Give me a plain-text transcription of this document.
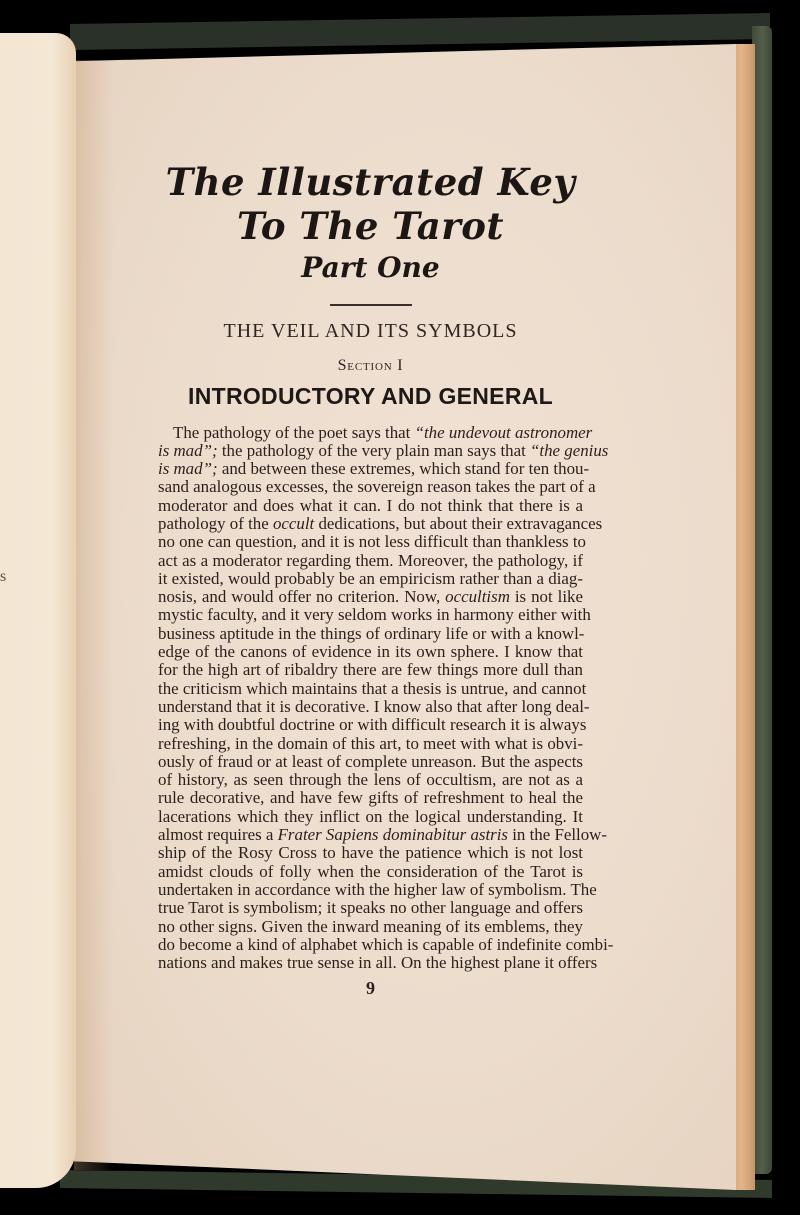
s
The Illustrated Key
To The Tarot
Part One
THE VEIL AND ITS SYMBOLS
Section I
INTRODUCTORY AND GENERAL
The pathology of the poet says that “the undevout astronomer
is mad”; the pathology of the very plain man says that “the genius
is mad”; and between these extremes, which stand for ten thou-
sand analogous excesses, the sovereign reason takes the part of a
moderator and does what it can. I do not think that there is a
pathology of the occult dedications, but about their extravagances
no one can question, and it is not less difficult than thankless to
act as a moderator regarding them. Moreover, the pathology, if
it existed, would probably be an empiricism rather than a diag-
nosis, and would offer no criterion. Now, occultism is not like
mystic faculty, and it very seldom works in harmony either with
business aptitude in the things of ordinary life or with a knowl-
edge of the canons of evidence in its own sphere. I know that
for the high art of ribaldry there are few things more dull than
the criticism which maintains that a thesis is untrue, and cannot
understand that it is decorative. I know also that after long deal-
ing with doubtful doctrine or with difficult research it is always
refreshing, in the domain of this art, to meet with what is obvi-
ously of fraud or at least of complete unreason. But the aspects
of history, as seen through the lens of occultism, are not as a
rule decorative, and have few gifts of refreshment to heal the
lacerations which they inflict on the logical understanding. It
almost requires a Frater Sapiens dominabitur astris in the Fellow-
ship of the Rosy Cross to have the patience which is not lost
amidst clouds of folly when the consideration of the Tarot is
undertaken in accordance with the higher law of symbolism. The
true Tarot is symbolism; it speaks no other language and offers
no other signs. Given the inward meaning of its emblems, they
do become a kind of alphabet which is capable of indefinite combi-
nations and makes true sense in all. On the highest plane it offers
9
